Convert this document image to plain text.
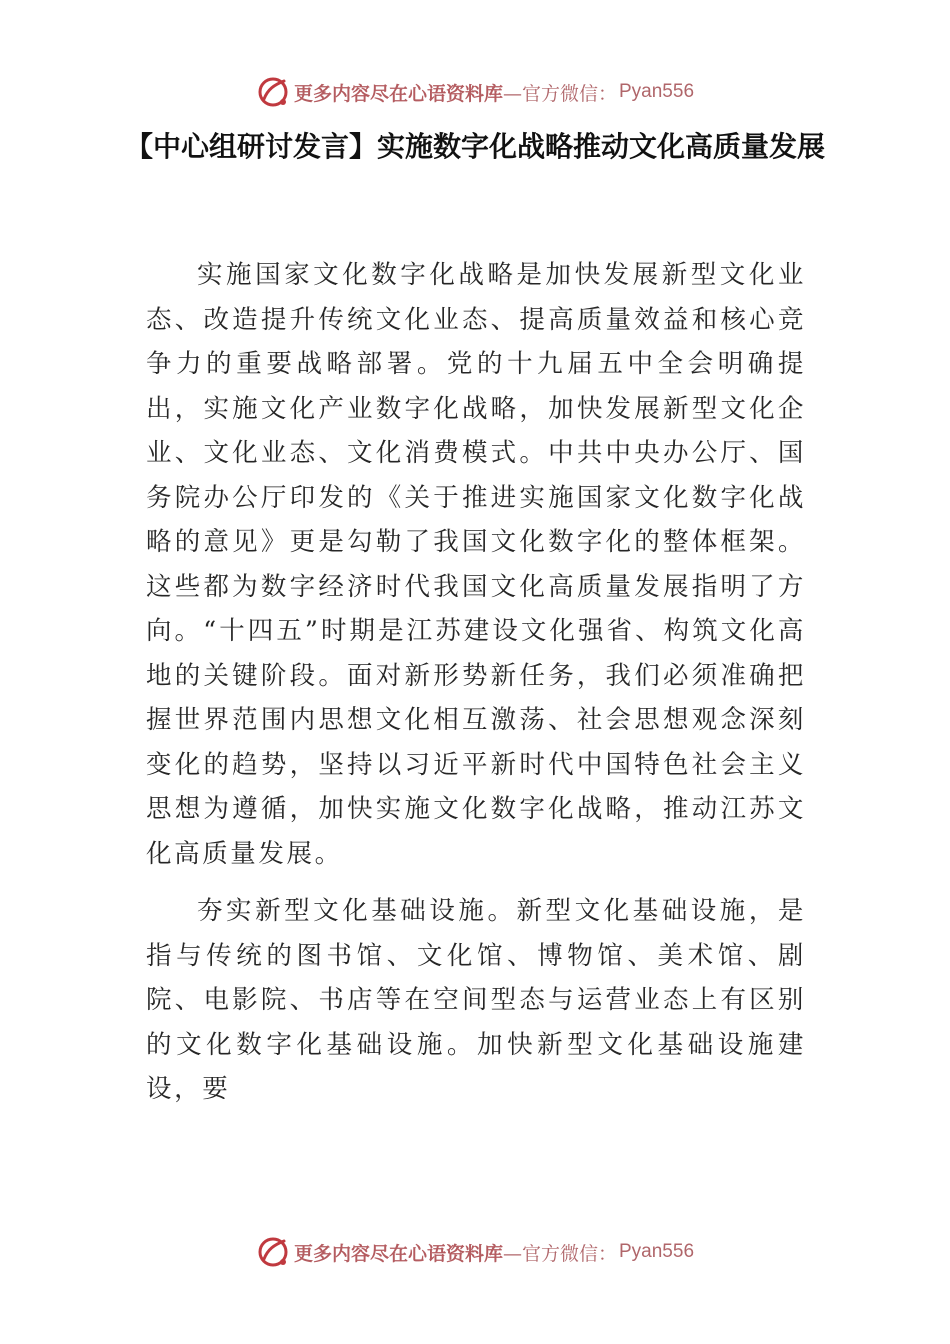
更多内容尽在心语资料库 —官方微信： Pyan556
【中心组研讨发言】实施数字化战略推动文化高质量发展

实施国家文化数字化战略是加快发展新型文化业态、改造提升传统文化业态、提高质量效益和核心竞争力的重要战略部署。党的十九届五中全会明确提出，实施文化产业数字化战略，加快发展新型文化企业、文化业态、文化消费模式。中共中央办公厅、国务院办公厅印发的《关于推进实施国家文化数字化战略的意见》更是勾勒了我国文化数字化的整体框架。这些都为数字经济时代我国文化高质量发展指明了方向。“十四五”时期是江苏建设文化强省、构筑文化高地的关键阶段。面对新形势新任务，我们必须准确把握世界范围内思想文化相互激荡、社会思想观念深刻变化的趋势，坚持以习近平新时代中国特色社会主义思想为遵循，加快实施文化数字化战略，推动江苏文化高质量发展。

夯实新型文化基础设施。新型文化基础设施，是指与传统的图书馆、文化馆、博物馆、美术馆、剧院、电影院、书店等在空间型态与运营业态上有区别的文化数字化基础设施。加快新型文化基础设施建设，要

更多内容尽在心语资料库 —官方微信： Pyan556
